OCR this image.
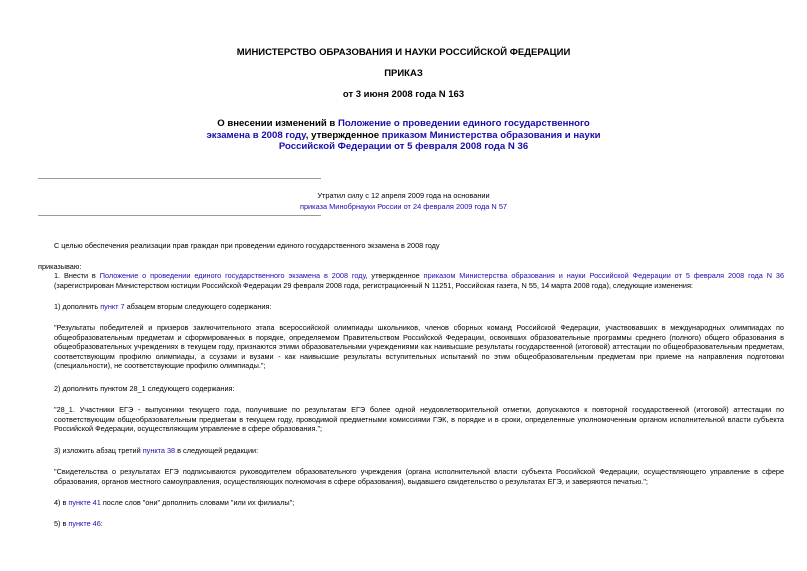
МИНИСТЕРСТВО ОБРАЗОВАНИЯ И НАУКИ РОССИЙСКОЙ ФЕДЕРАЦИИ
ПРИКАЗ
от 3 июня 2008 года N 163
О внесении изменений в Положение о проведении единого государственного экзамена в 2008 году, утвержденное приказом Министерства образования и науки Российской Федерации от 5 февраля 2008 года N 36
Утратил силу с 12 апреля 2009 года на основании
приказа Минобрнауки России от 24 февраля 2009 года N 57
С целью обеспечения реализации прав граждан при проведении единого государственного экзамена в 2008 году
приказываю:
1. Внести в Положение о проведении единого государственного экзамена в 2008 году, утвержденное приказом Министерства образования и науки Российской Федерации от 5 февраля 2008 года N 36 (зарегистрирован Министерством юстиции Российской Федерации 29 февраля 2008 года, регистрационный N 11251, Российская газета, N 55, 14 марта 2008 года), следующие изменения:
1) дополнить пункт 7 абзацем вторым следующего содержания:
"Результаты победителей и призеров заключительного этапа всероссийской олимпиады школьников, членов сборных команд Российской Федерации, участвовавших в международных олимпиадах по общеобразовательным предметам и сформированных в порядке, определяемом Правительством Российской Федерации, освоивших образовательные программы среднего (полного) общего образования в общеобразовательных учреждениях в текущем году, признаются этими образовательными учреждениями как наивысшие результаты государственной (итоговой) аттестации по общеобразовательным предметам, соответствующим профилю олимпиады, а ссузами и вузами - как наивысшие результаты вступительных испытаний по этим общеобразовательным предметам при приеме на направления подготовки (специальности), не соответствующие профилю олимпиады.";
2) дополнить пунктом 28_1 следующего содержания:
"28_1. Участники ЕГЭ - выпускники текущего года, получившие по результатам ЕГЭ более одной неудовлетворительной отметки, допускаются к повторной государственной (итоговой) аттестации по соответствующим общеобразовательным предметам в текущем году, проводимой предметными комиссиями ГЭК, в порядке и в сроки, определенные уполномоченным органом исполнительной власти субъекта Российской Федерации, осуществляющим управление в сфере образования.";
3) изложить абзац третий пункта 38 в следующей редакции:
"Свидетельства о результатах ЕГЭ подписываются руководителем образовательного учреждения (органа исполнительной власти субъекта Российской Федерации, осуществляющего управление в сфере образования, органов местного самоуправления, осуществляющих полномочия в сфере образования), выдавшего свидетельство о результатах ЕГЭ, и заверяются печатью.";
4) в пункте 41 после слов "они" дополнить словами "или их филиалы";
5) в пункте 46:
